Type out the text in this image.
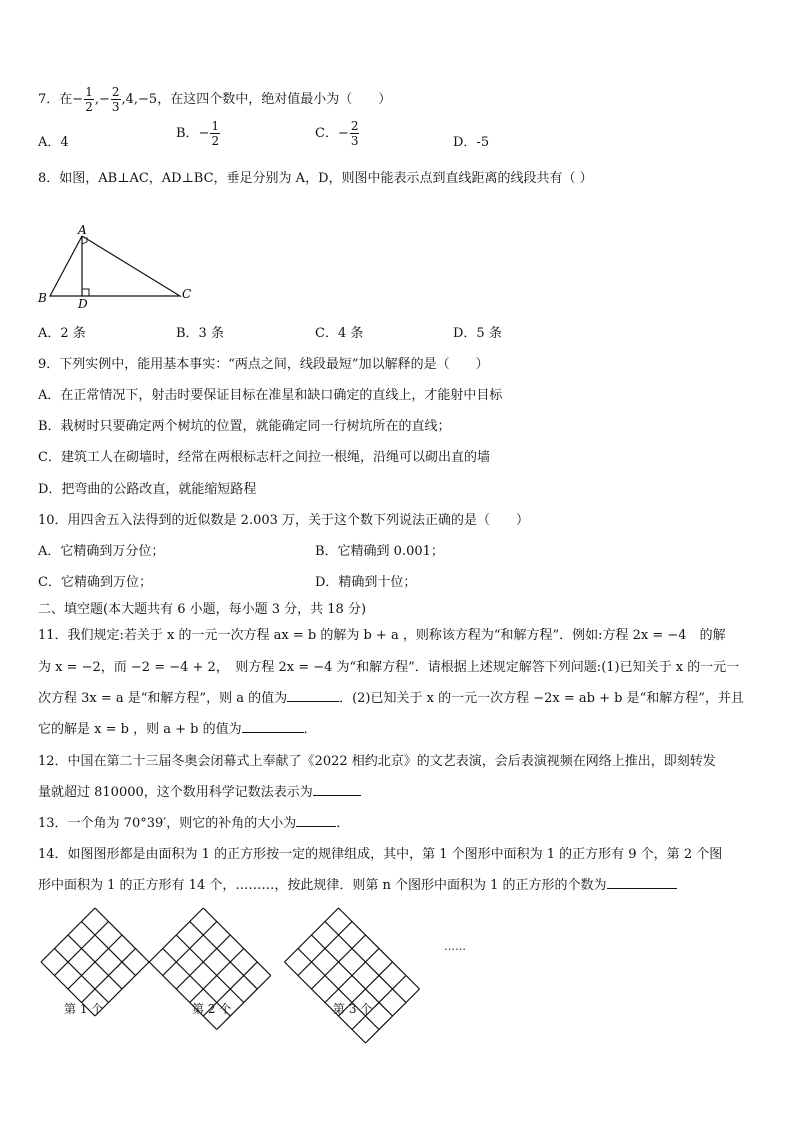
7．在− $\frac{1}{2}$ ,− $\frac{2}{3} ,4,-5$，在这四个数中，绝对值最小为（　　）
A．4
B．− $\frac{1}{2}$	C．− $\frac{2}{3}$	D．-5
8．如图，AB⊥AC，AD⊥BC，垂足分别为 A，D，则图中能表示点到直线距离的线段共有（ ）
A
B	C
D
A．2 条	B．3 条	C．4 条	D．5 条
9．下列实例中，能用基本事实：“两点之间，线段最短”加以解释的是（　　）
A．在正常情况下，射击时要保证目标在准星和缺口确定的直线上，才能射中目标
B．栽树时只要确定两个树坑的位置，就能确定同一行树坑所在的直线；
C．建筑工人在砌墙时，经常在两根标志杆之间拉一根绳，沿绳可以砌出直的墙
D．把弯曲的公路改直，就能缩短路程
10．用四舍五入法得到的近似数是 2.003 万，关于这个数下列说法正确的是（　　）
A．它精确到万分位；	B．它精确到 0.001；
C．它精确到万位；	D．精确到十位；
二、填空题(本大题共有 6 小题，每小题 3 分，共 18 分)
11．我们规定:若关于 x 的一元一次方程 ax = b 的解为 b + a ，则称该方程为“和解方程”．例如:方程 2x = −4　的解
为 x = −2，而 −2 = −4 + 2，　则方程 2x = −4 为“和解方程”．请根据上述规定解答下列问题:(1)已知关于 x 的一元一
次方程 3x = a 是“和解方程”，则 a 的值为	．(2)已知关于 x 的一元一次方程 −2x = ab + b 是“和解方程”，并且
它的解是 x = b ，则 a + b 的值为	．
12．中国在第二十三届冬奥会闭幕式上奉献了《2022 相约北京》的文艺表演，会后表演视频在网络上推出，即刻转发
量就超过 810000，这个数用科学记数法表示为
13．一个角为 70°39′，则它的补角的大小为	．
14．如图图形都是由面积为 1 的正方形按一定的规律组成，其中，第 1 个图形中面积为 1 的正方形有 9 个，第 2 个图
形中面积为 1 的正方形有 14 个，………，按此规律．则第 n 个图形中面积为 1 的正方形的个数为
……
第 1 个	第 2 个	第 3 个
